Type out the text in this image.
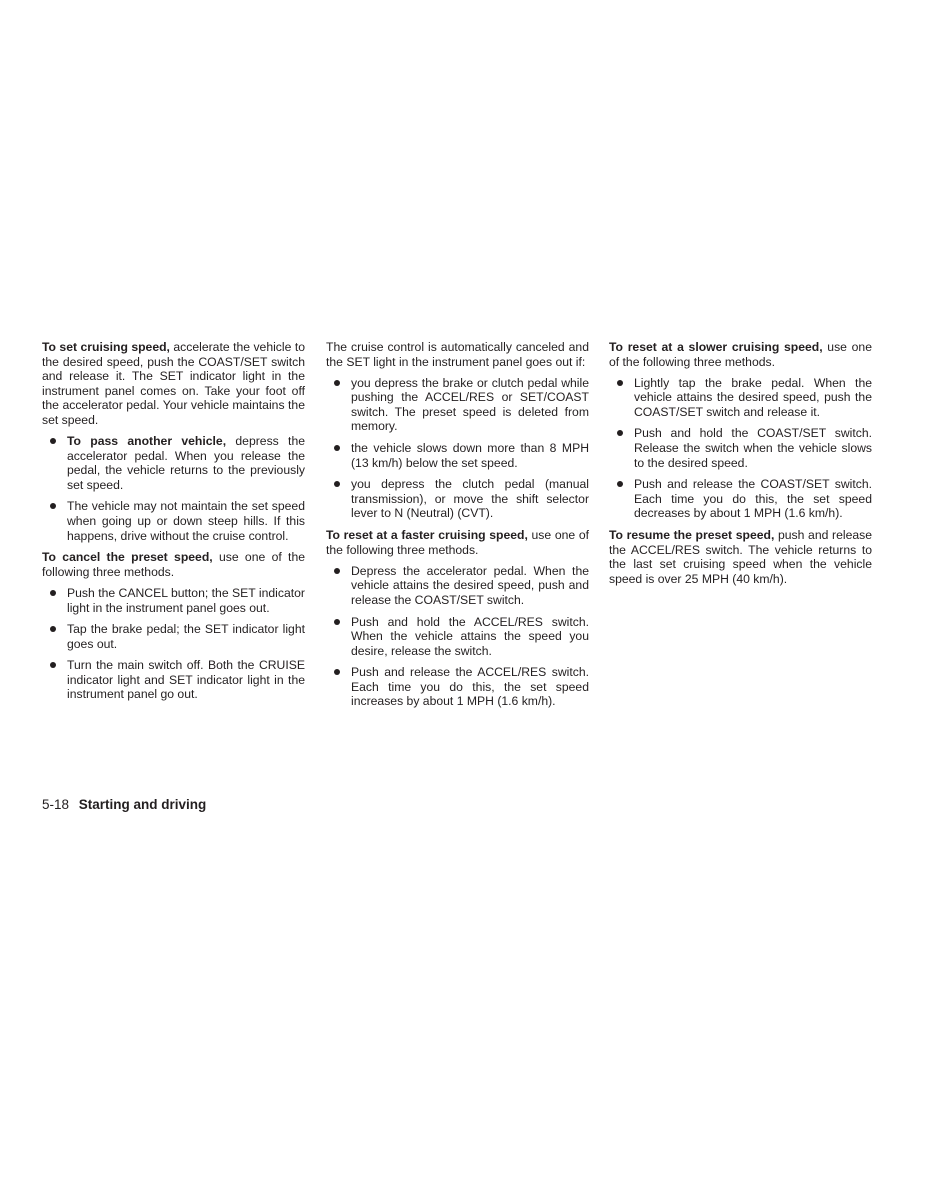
To set cruising speed, accelerate the vehicle to the desired speed, push the COAST/SET switch and release it. The SET indicator light in the instrument panel comes on. Take your foot off the accelerator pedal. Your vehicle maintains the set speed.

To pass another vehicle, depress the accelerator pedal. When you release the pedal, the vehicle returns to the previously set speed.
The vehicle may not maintain the set speed when going up or down steep hills. If this happens, drive without the cruise control.

To cancel the preset speed, use one of the following three methods.

Push the CANCEL button; the SET indicator light in the instrument panel goes out.
Tap the brake pedal; the SET indicator light goes out.
Turn the main switch off. Both the CRUISE indicator light and SET indicator light in the instrument panel go out.

The cruise control is automatically canceled and the SET light in the instrument panel goes out if:

you depress the brake or clutch pedal while pushing the ACCEL/RES or SET/COAST switch. The preset speed is deleted from memory.
the vehicle slows down more than 8 MPH (13 km/h) below the set speed.
you depress the clutch pedal (manual transmission), or move the shift selector lever to N (Neutral) (CVT).

To reset at a faster cruising speed, use one of the following three methods.

Depress the accelerator pedal. When the vehicle attains the desired speed, push and release the COAST/SET switch.
Push and hold the ACCEL/RES switch. When the vehicle attains the speed you desire, release the switch.
Push and release the ACCEL/RES switch. Each time you do this, the set speed increases by about 1 MPH (1.6 km/h).

To reset at a slower cruising speed, use one of the following three methods.

Lightly tap the brake pedal. When the vehicle attains the desired speed, push the COAST/SET switch and release it.
Push and hold the COAST/SET switch. Release the switch when the vehicle slows to the desired speed.
Push and release the COAST/SET switch. Each time you do this, the set speed decreases by about 1 MPH (1.6 km/h).

To resume the preset speed, push and release the ACCEL/RES switch. The vehicle returns to the last set cruising speed when the vehicle speed is over 25 MPH (40 km/h).

5-18 Starting and driving
